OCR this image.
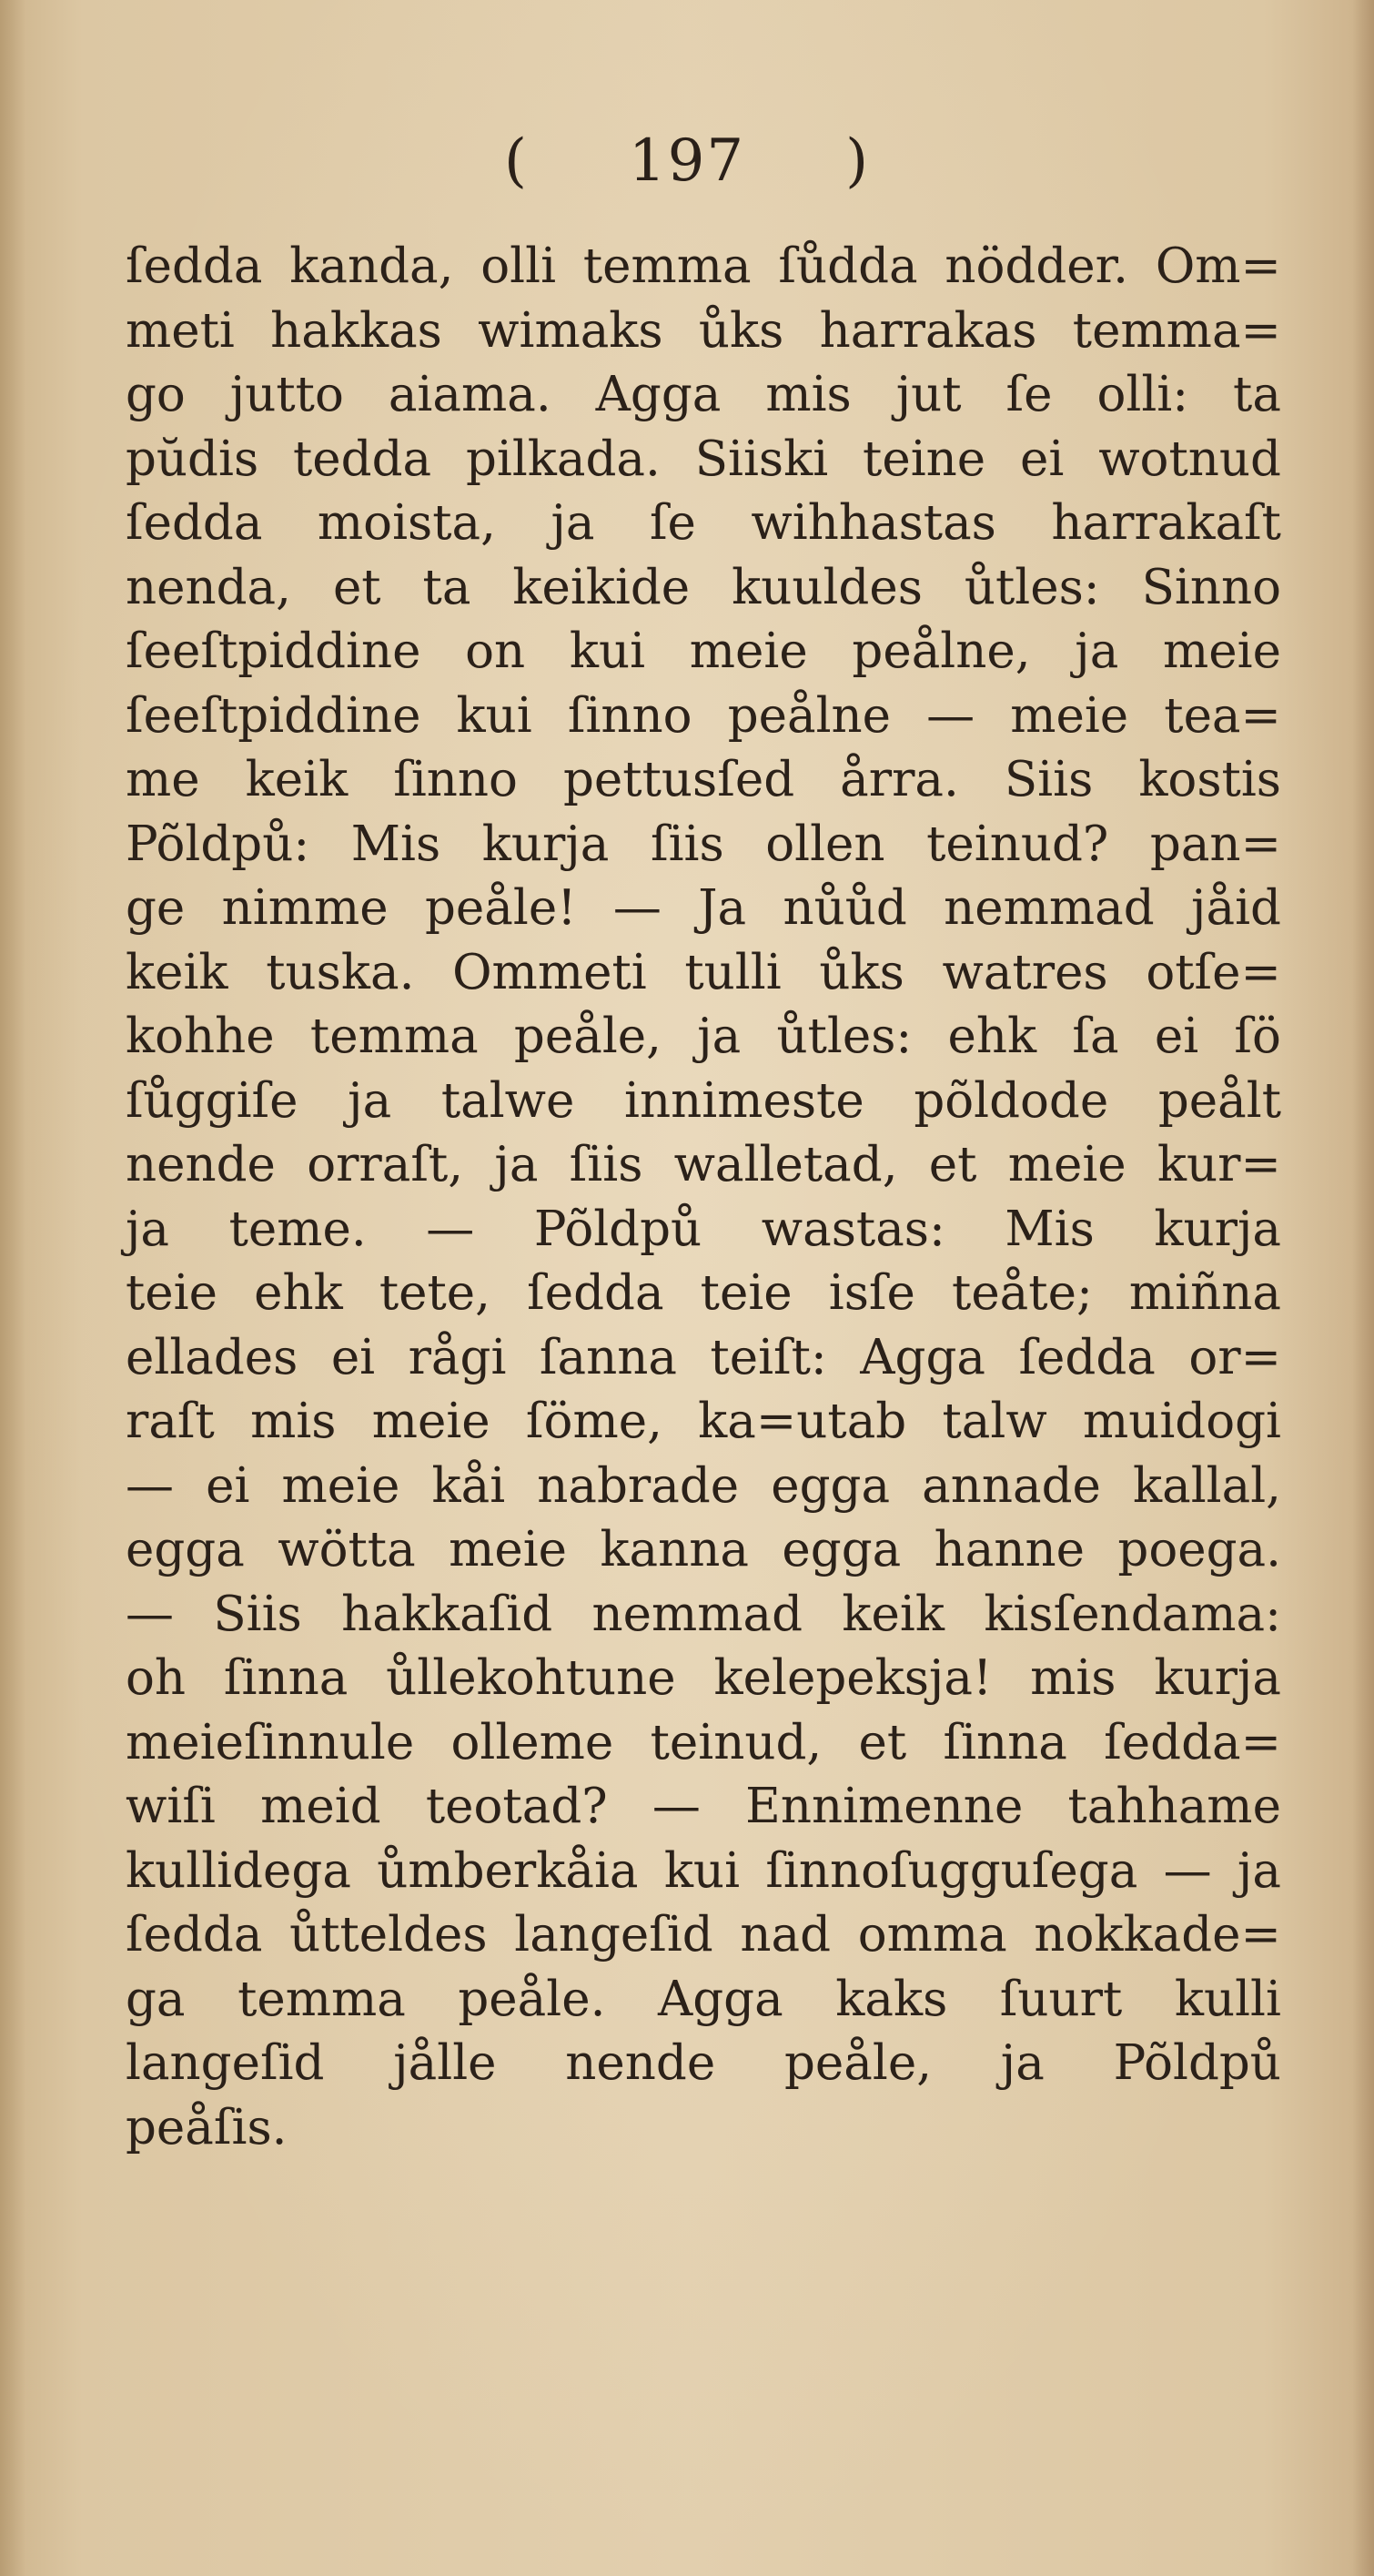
( 197 )
ſedda kanda, olli temma ſůdda nödder. Om=
meti hakkas wimaks ůks harrakas temma=
go jutto aiama. Agga mis jut ſe olli: ta
pŭdis tedda pilkada. Siiski teine ei wotnud
ſedda moista, ja ſe wihhastas harrakaſt
nenda, et ta keikide kuuldes ůtles: Sinno
ſeeſtpiddine on kui meie peålne, ja meie
ſeeſtpiddine kui ſinno peålne — meie tea=
me keik ſinno pettusſed årra. Siis kostis
Põldpů: Mis kurja ſiis ollen teinud? pan=
ge nimme peåle! — Ja nůůd nemmad jåid
keik tuska. Ommeti tulli ůks watres otſe=
kohhe temma peåle, ja ůtles: ehk ſa ei ſö
ſůggiſe ja talwe innimeste põldode peålt
nende orraſt, ja ſiis walletad, et meie kur=
ja teme. — Põldpů wastas: Mis kurja
teie ehk tete, ſedda teie isſe teåte; miñna
ellades ei rågi ſanna teiſt: Agga ſedda or=
raſt mis meie ſöme, ka=utab talw muidogi
— ei meie kåi nabrade egga annade kallal,
egga wötta meie kanna egga hanne poega.
— Siis hakkaſid nemmad keik kisſendama:
oh ſinna ůllekohtune kelepeksja! mis kurja
meieſinnule olleme teinud, et ſinna ſedda=
wiſi meid teotad? — Ennimenne tahhame
kullidega ůmberkåia kui ſinnoſugguſega — ja
ſedda ůtteldes langeſid nad omma nokkade=
ga temma peåle. Agga kaks ſuurt kulli
langeſid jålle nende peåle, ja Põldpů
peåſis.
